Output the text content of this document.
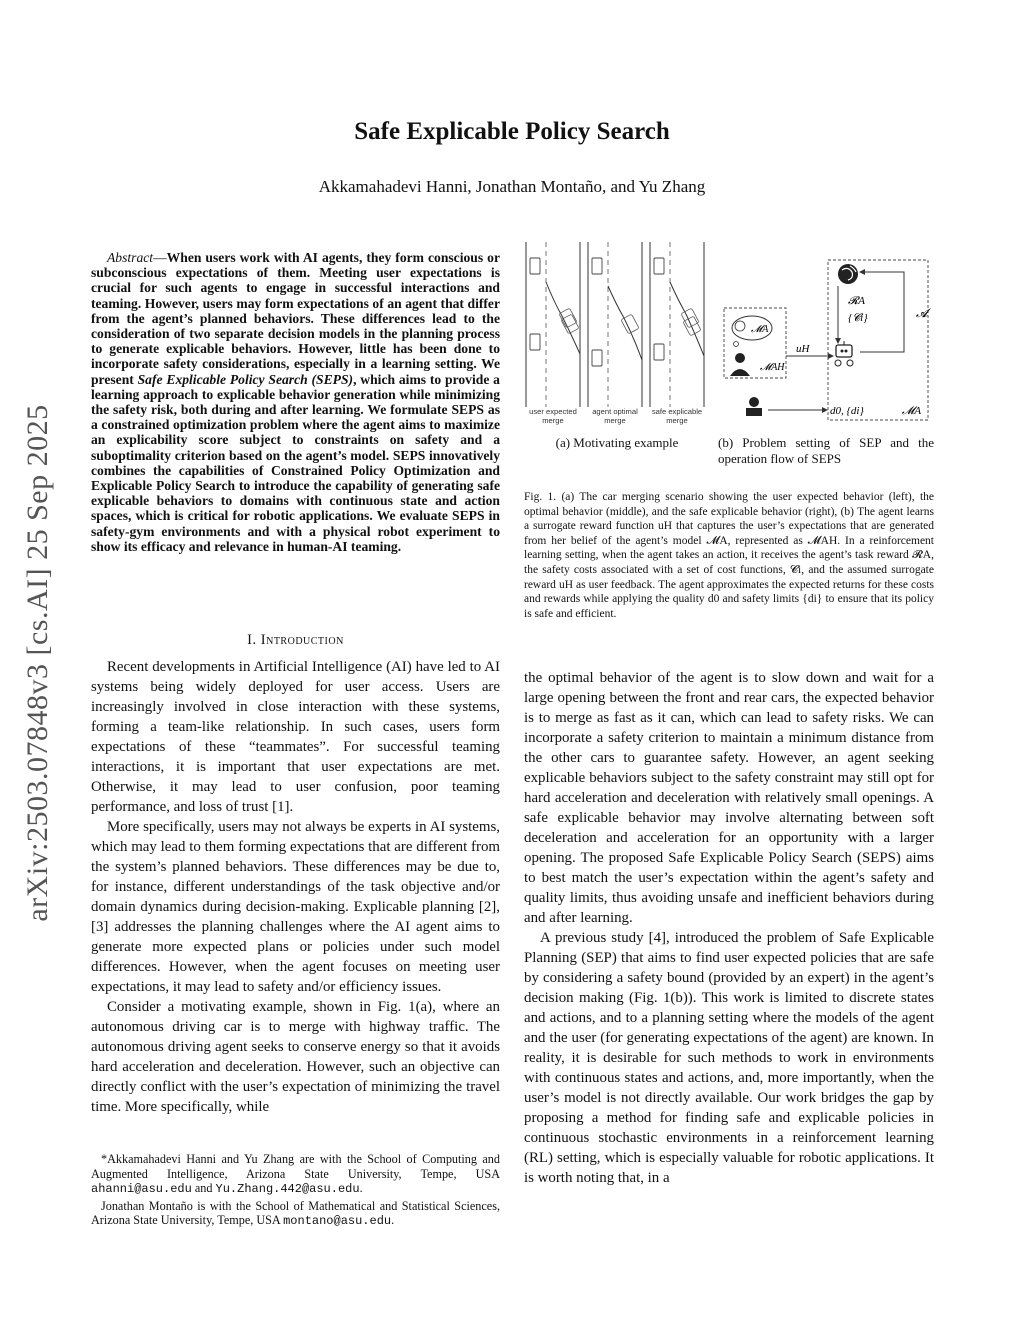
arXiv:2503.07848v3 [cs.AI] 25 Sep 2025
Safe Explicable Policy Search
Akkamahadevi Hanni, Jonathan Montaño, and Yu Zhang
Abstract—When users work with AI agents, they form conscious or subconscious expectations of them. Meeting user expectations is crucial for such agents to engage in successful interactions and teaming. However, users may form expectations of an agent that differ from the agent’s planned behaviors. These differences lead to the consideration of two separate decision models in the planning process to generate explicable behaviors. However, little has been done to incorporate safety considerations, especially in a learning setting. We present Safe Explicable Policy Search (SEPS), which aims to provide a learning approach to explicable behavior generation while minimizing the safety risk, both during and after learning. We formulate SEPS as a constrained optimization problem where the agent aims to maximize an explicability score subject to constraints on safety and a suboptimality criterion based on the agent’s model. SEPS innovatively combines the capabilities of Constrained Policy Optimization and Explicable Policy Search to introduce the capability of generating safe explicable behaviors to domains with continuous state and action spaces, which is critical for robotic applications. We evaluate SEPS in safety-gym environments and with a physical robot experiment to show its efficacy and relevance in human-AI teaming.
I. Introduction

Recent developments in Artificial Intelligence (AI) have led to AI systems being widely deployed for user access. Users are increasingly involved in close interaction with these systems, forming a team-like relationship. In such cases, users form expectations of these “teammates”. For successful teaming interactions, it is important that user expectations are met. Otherwise, it may lead to user confusion, poor teaming performance, and loss of trust [1].

More specifically, users may not always be experts in AI systems, which may lead to them forming expectations that are different from the system’s planned behaviors. These differences may be due to, for instance, different understandings of the task objective and/or domain dynamics during decision-making. Explicable planning [2], [3] addresses the planning challenges where the AI agent aims to generate more expected plans or policies under such model differences. However, when the agent focuses on meeting user expectations, it may lead to safety and/or efficiency issues.

Consider a motivating example, shown in Fig. 1(a), where an autonomous driving car is to merge with highway traffic. The autonomous driving agent seeks to conserve energy so that it avoids hard acceleration and deceleration. However, such an objective can directly conflict with the user’s expectation of minimizing the travel time. More specifically, while

*Akkamahadevi Hanni and Yu Zhang are with the School of Computing and Augmented Intelligence, Arizona State University, Tempe, USA ahanni@asu.edu and Yu.Zhang.442@asu.edu.

Jonathan Montaño is with the School of Mathematical and Statistical Sciences, Arizona State University, Tempe, USA montano@asu.edu.

user expected
merge
agent optimal
merge
safe explicable
merge
𝓡A
{𝓒i}	𝓐
𝓜A
𝓜AH
uH
d0, {di}	𝓜A
(a) Motivating example	(b) Problem setting of SEP and the operation flow of SEPS
Fig. 1. (a) The car merging scenario showing the user expected behavior (left), the optimal behavior (middle), and the safe explicable behavior (right), (b) The agent learns a surrogate reward function uH that captures the user’s expectations that are generated from her belief of the agent’s model 𝓜A, represented as 𝓜AH. In a reinforcement learning setting, when the agent takes an action, it receives the agent’s task reward 𝓡A, the safety costs associated with a set of cost functions, 𝓒i, and the assumed surrogate reward uH as user feedback. The agent approximates the expected returns for these costs and rewards while applying the quality d0 and safety limits {di} to ensure that its policy is safe and efficient.

the optimal behavior of the agent is to slow down and wait for a large opening between the front and rear cars, the expected behavior is to merge as fast as it can, which can lead to safety risks. We can incorporate a safety criterion to maintain a minimum distance from the other cars to guarantee safety. However, an agent seeking explicable behaviors subject to the safety constraint may still opt for hard acceleration and deceleration with relatively small openings. A safe explicable behavior may involve alternating between soft deceleration and acceleration for an opportunity with a larger opening. The proposed Safe Explicable Policy Search (SEPS) aims to best match the user’s expectation within the agent’s safety and quality limits, thus avoiding unsafe and inefficient behaviors during and after learning.

A previous study [4], introduced the problem of Safe Explicable Planning (SEP) that aims to find user expected policies that are safe by considering a safety bound (provided by an expert) in the agent’s decision making (Fig. 1(b)). This work is limited to discrete states and actions, and to a planning setting where the models of the agent and the user (for generating expectations of the agent) are known. In reality, it is desirable for such methods to work in environments with continuous states and actions, and, more importantly, when the user’s model is not directly available. Our work bridges the gap by proposing a method for finding safe and explicable policies in continuous stochastic environments in a reinforcement learning (RL) setting, which is especially valuable for robotic applications. It is worth noting that, in a
